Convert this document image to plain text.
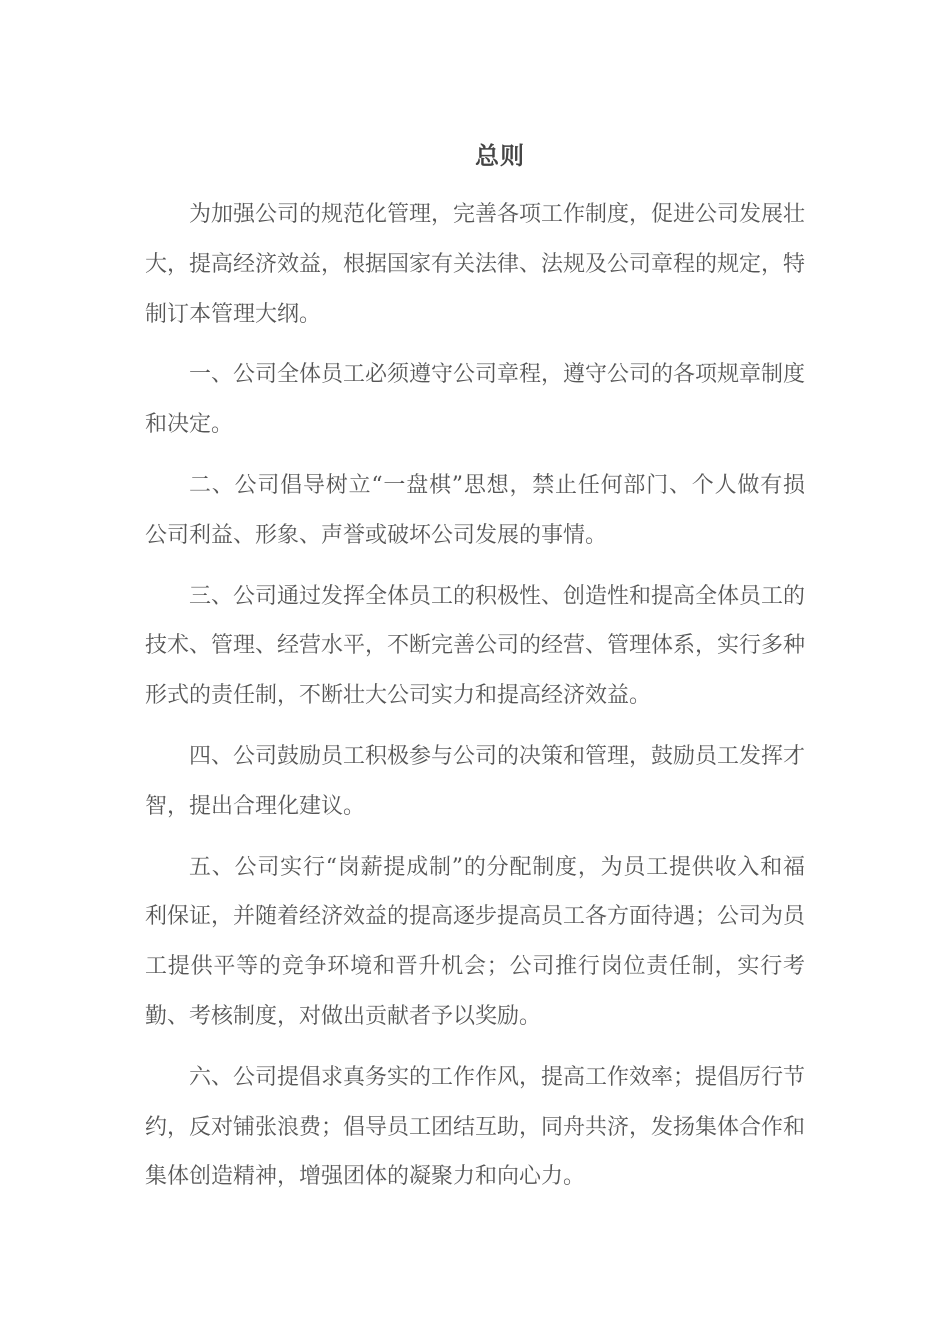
总则

为加强公司的规范化管理，完善各项工作制度，促进公司发展壮大，提高经济效益，根据国家有关法律、法规及公司章程的规定，特制订本管理大纲。

一、公司全体员工必须遵守公司章程，遵守公司的各项规章制度和决定。

二、公司倡导树立“一盘棋”思想，禁止任何部门、个人做有损公司利益、形象、声誉或破坏公司发展的事情。

三、公司通过发挥全体员工的积极性、创造性和提高全体员工的技术、管理、经营水平，不断完善公司的经营、管理体系，实行多种形式的责任制，不断壮大公司实力和提高经济效益。

四、公司鼓励员工积极参与公司的决策和管理，鼓励员工发挥才智，提出合理化建议。

五、公司实行“岗薪提成制”的分配制度，为员工提供收入和福利保证，并随着经济效益的提高逐步提高员工各方面待遇；公司为员工提供平等的竞争环境和晋升机会；公司推行岗位责任制，实行考勤、考核制度，对做出贡献者予以奖励。

六、公司提倡求真务实的工作作风，提高工作效率；提倡厉行节约，反对铺张浪费；倡导员工团结互助，同舟共济，发扬集体合作和集体创造精神，增强团体的凝聚力和向心力。
